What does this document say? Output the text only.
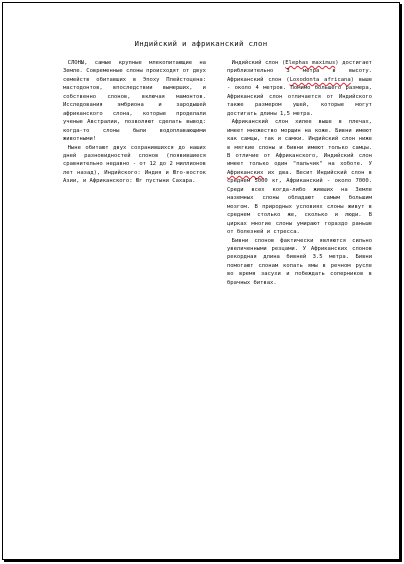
Индийский и африканский слон

СЛОНЫ, самые крупные млекопитающие на Земле. Современные слоны происходят от двух семейств обитавших в Эпоху Плейстоцена: мастодонтов, впоследствии вымерших, и собственно слонов, включая мамонтов. Исследования эмбриона и зародышей африканского слона, которые проделали ученые Австралии, позволяют сделать вывод: когда-то слоны были водоплавающими животными!

Ныне обитают двух сохранившихся до наших дней разновидностей слонов (появившиеся сравнительно недавно - от 12 до 2 миллионов лет назад), Индийского: Индия и Юго-восток Азии, и Африканского: Юг пустыни Сахара.

Индийский слон (Elephas maximus) достигает приблизительно 3 метра в высоту. Африканский слон (Loxodonta africana) выше - около 4 метров. Помимо большего размера, Африканский слон отличается от Индийского также размером ушей, которые могут достигать длины 1,5 метра.

Африканский слон хилее выше в плечах, имеет множество морщин на коже. Бивни имеют как самцы, так и самки. Индийский слон ниже в мягкие слоны и бивни имеют только самцы. В отличие от Африканского, Индийский слон имеет только один "пальчик" на хоботе. У Африканских их два. Весит Индийский слон в среднем 5000 кг, Африканский - около 7000. Среди всех когда-либо живших на Земле наземных слоны обладают самым большим мозгом. В природных условиях слоны живут в среднем столько же, сколько и люди. В цирках многие слоны умирают гораздо раньше от болезней и стресса.

Бивни слонов фактически являются сильно увеличенными резцами. У Африканских слонов рекордная длина бивней 3.5 метра. Бивни помогают слонам копать ямы в речном русле во время засухи и побеждать соперников в брачных битвах.
